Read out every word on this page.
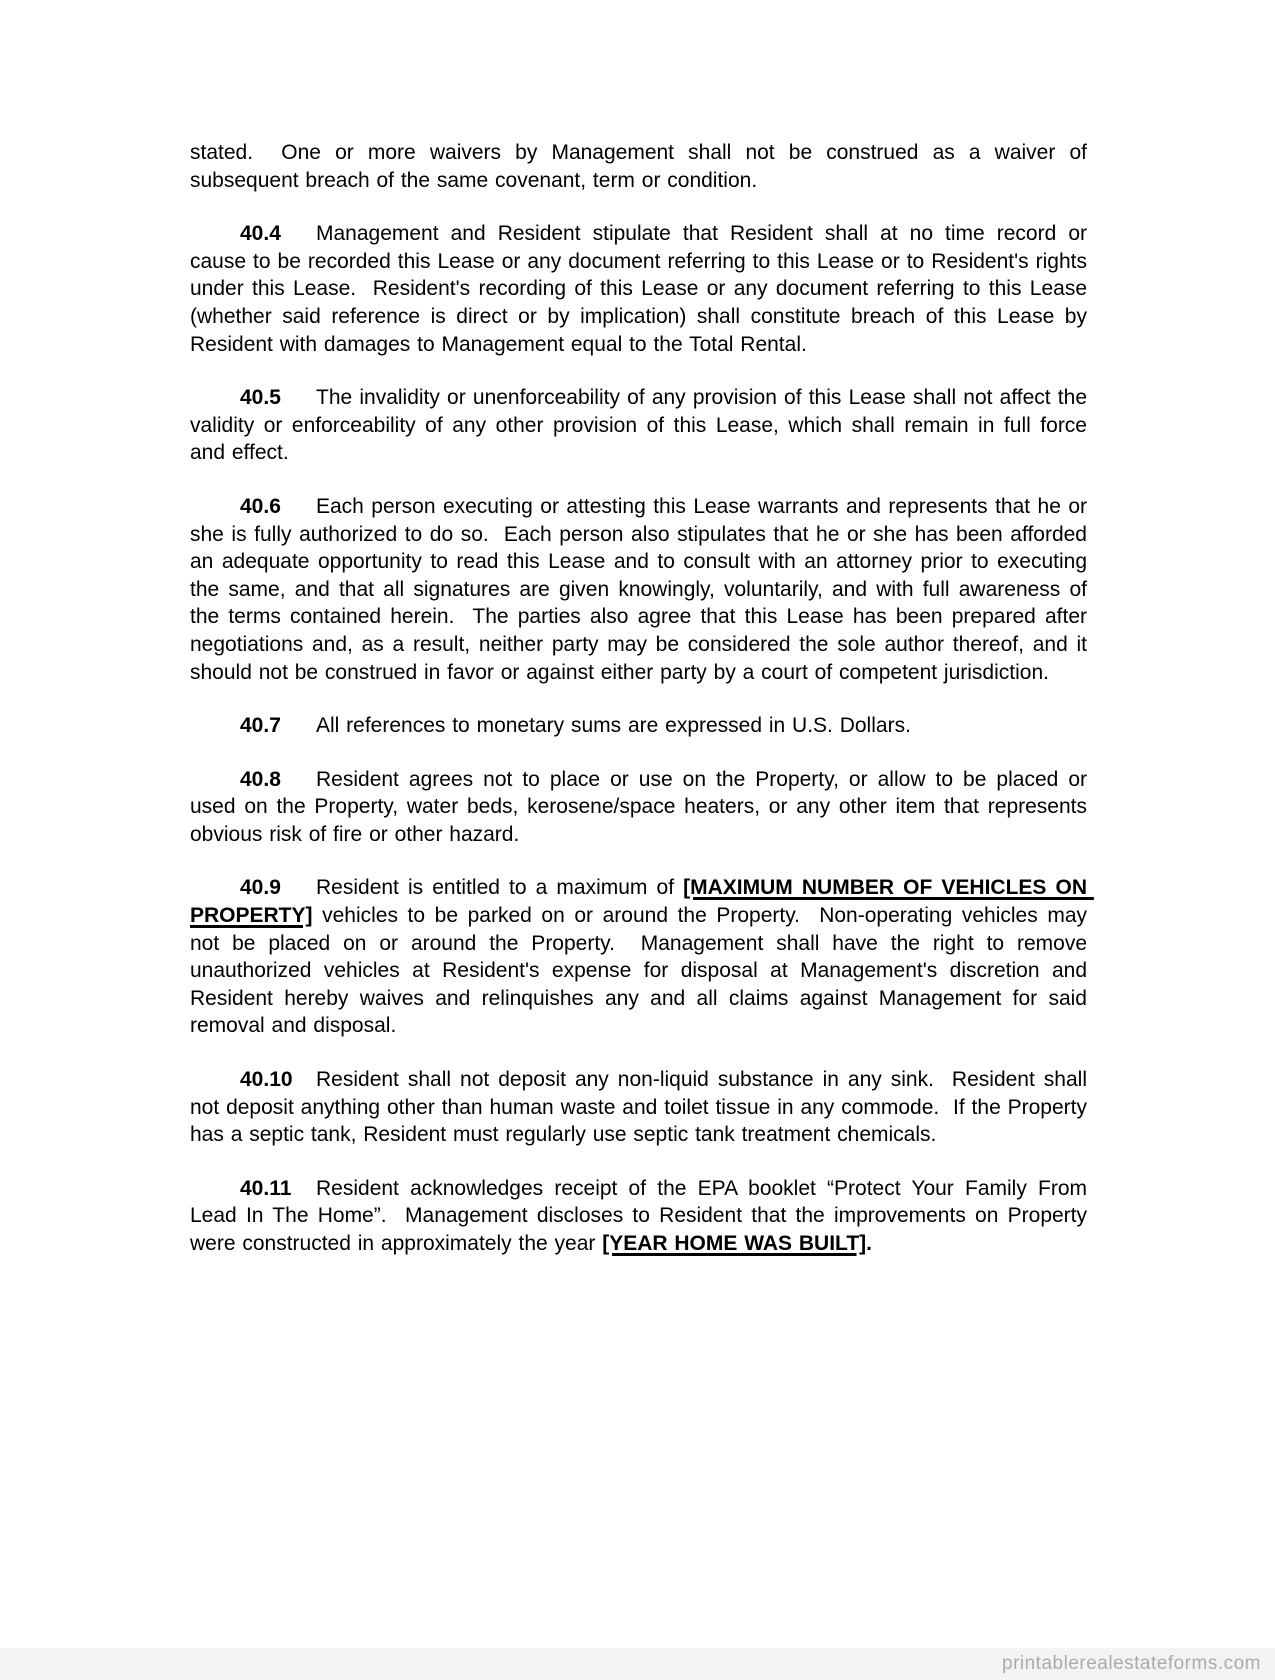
stated.  One or more waivers by Management shall not be construed as a waiver of subsequent breach of the same covenant, term or condition.

40.4 Management and Resident stipulate that Resident shall at no time record or cause to be recorded this Lease or any document referring to this Lease or to Resident's rights under this Lease.  Resident's recording of this Lease or any document referring to this Lease (whether said reference is direct or by implication) shall constitute breach of this Lease by Resident with damages to Management equal to the Total Rental.

40.5 The invalidity or unenforceability of any provision of this Lease shall not affect the validity or enforceability of any other provision of this Lease, which shall remain in full force and effect.

40.6 Each person executing or attesting this Lease warrants and represents that he or she is fully authorized to do so.  Each person also stipulates that he or she has been afforded an adequate opportunity to read this Lease and to consult with an attorney prior to executing the same, and that all signatures are given knowingly, voluntarily, and with full awareness of the terms contained herein.  The parties also agree that this Lease has been prepared after negotiations and, as a result, neither party may be considered the sole author thereof, and it should not be construed in favor or against either party by a court of competent jurisdiction.

40.7 All references to monetary sums are expressed in U.S. Dollars.

40.8 Resident agrees not to place or use on the Property, or allow to be placed or used on the Property, water beds, kerosene/space heaters, or any other item that represents obvious risk of fire or other hazard.

40.9 Resident is entitled to a maximum of [MAXIMUM NUMBER OF VEHICLES ON PROPERTY] vehicles to be parked on or around the Property.  Non-operating vehicles may not be placed on or around the Property.  Management shall have the right to remove unauthorized vehicles at Resident's expense for disposal at Management's discretion and Resident hereby waives and relinquishes any and all claims against Management for said removal and disposal.

40.10 Resident shall not deposit any non-liquid substance in any sink.  Resident shall not deposit anything other than human waste and toilet tissue in any commode.  If the Property has a septic tank, Resident must regularly use septic tank treatment chemicals.

40.11 Resident acknowledges receipt of the EPA booklet “Protect Your Family From Lead In The Home”.  Management discloses to Resident that the improvements on Property were constructed in approximately the year [YEAR HOME WAS BUILT].

printablerealestateforms.com
